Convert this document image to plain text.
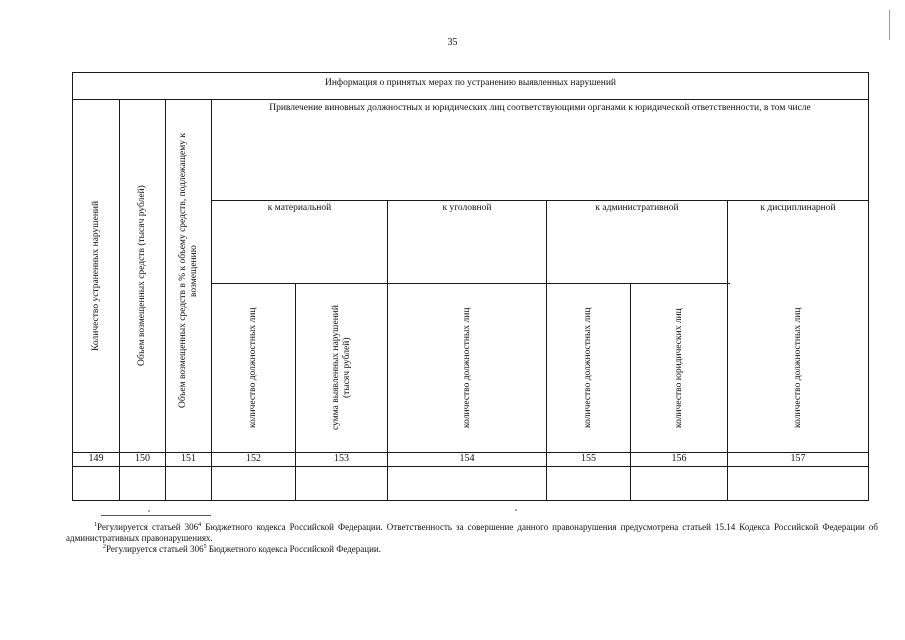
35
Информация о принятых мерах по устранению выявленных нарушений
Количество устраненных нарушений	Объем возмещенных средств (тысяч рублей)	Объем возмещенных средств в % к объему средств, подлежащему к возмещению
Привлечение виновных должностных и юридических лиц соответствующими органами к юридической ответственности, в том числе
к материальной	к уголовной	к административной	к дисциплинарной
количество должностных лиц	сумма выявленных нарушений (тысяч рублей)	количество должностных лиц	количество должностных лиц	количество юридических лиц	количество должностных лиц
149	150	151	152	153	154	155	156	157
$^1$Регулируется статьей $306^4$ Бюджетного кодекса Российской Федерации. Ответственность за совершение данного правонарушения предусмотрена статьей 15.14 Кодекса Российской Федерации об административных правонарушениях.
$^2$Регулируется статьей $306^5$ Бюджетного кодекса Российской Федерации.
